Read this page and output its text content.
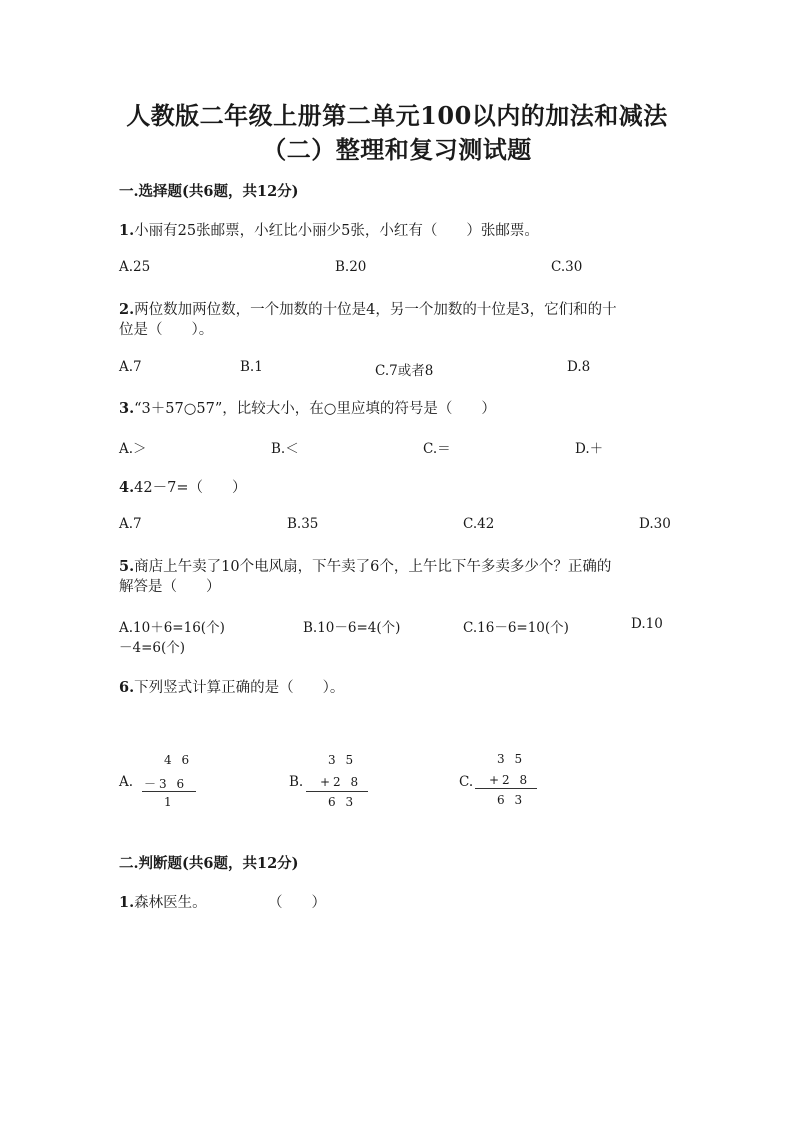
人教版二年级上册第二单元100以内的加法和减法
（二）整理和复习测试题
一.选择题(共6题，共12分)
1.小丽有25张邮票，小红比小丽少5张，小红有（　　）张邮票。
A.25	B.20	C.30
2.两位数加两位数，一个加数的十位是4，另一个加数的十位是3，它们和的十
位是（　　）。
A.7	B.1	C.7或者8	D.8
3.“3＋57○57”，比较大小，在○里应填的符号是（　　）
A.＞	B.＜	C.＝	D.＋
4.42－7=（　　）
A.7	B.35	C.42	D.30
5.商店上午卖了10个电风扇，下午卖了6个，上午比下午多卖多少个？正确的
解答是（　　）
A.10＋6=16(个)	B.10－6=4(个)	C.16－6=10(个)	D.10
－4=6(个)
6.下列竖式计算正确的是（　　）。
A.
4 6
－3 6
1
B.
3 5
+2 8
6 3
C.
3 5
+2 8
6 3
二.判断题(共6题，共12分)
1.森林医生。	（　　）
